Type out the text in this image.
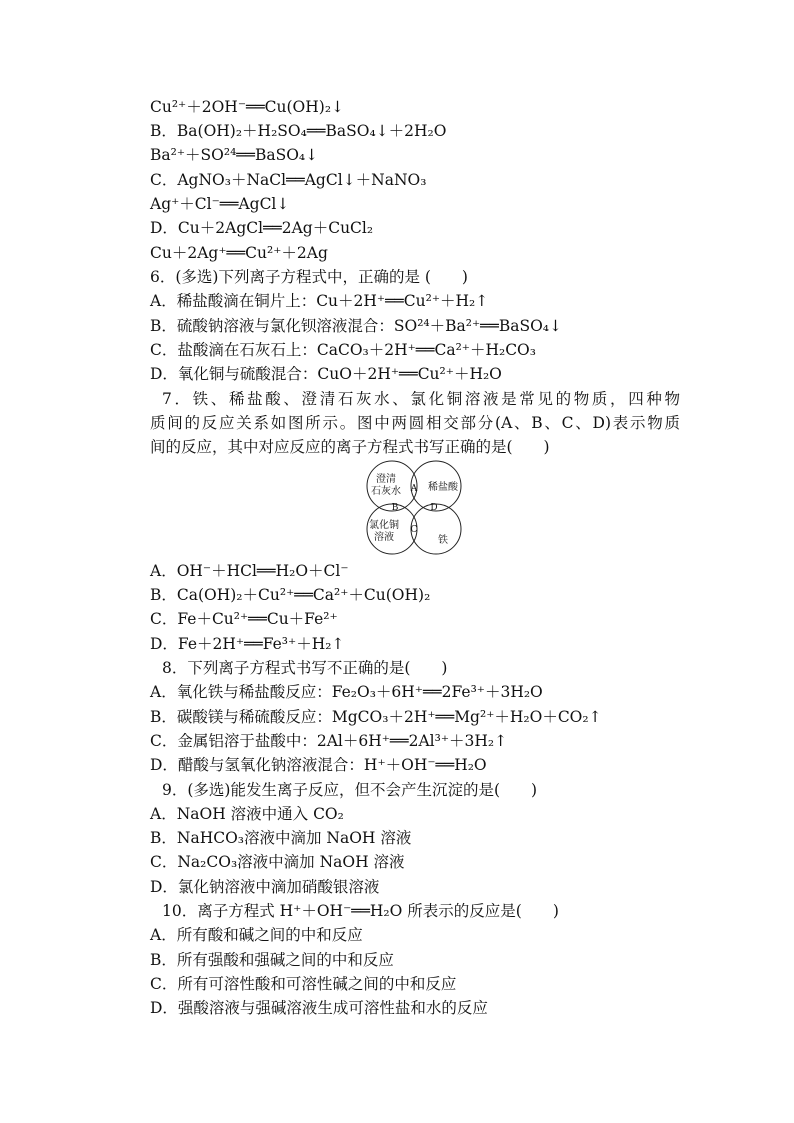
Cu²⁺＋2OH⁻══Cu(OH)₂↓
B．Ba(OH)₂＋H₂SO₄══BaSO₄↓＋2H₂O
Ba²⁺＋SO²⁴══BaSO₄↓
C．AgNO₃＋NaCl══AgCl↓＋NaNO₃
Ag⁺＋Cl⁻══AgCl↓
D．Cu＋2AgCl══2Ag＋CuCl₂
Cu＋2Ag⁺══Cu²⁺＋2Ag
6．(多选)下列离子方程式中，正确的是 (　　)
A．稀盐酸滴在铜片上：Cu＋2H⁺══Cu²⁺＋H₂↑
B．硫酸钠溶液与氯化钡溶液混合：SO²⁴＋Ba²⁺══BaSO₄↓
C．盐酸滴在石灰石上：CaCO₃＋2H⁺══Ca²⁺＋H₂CO₃
D．氧化铜与硫酸混合：CuO＋2H⁺══Cu²⁺＋H₂O
7．铁、稀盐酸、澄清石灰水、氯化铜溶液是常见的物质，四种物
质间的反应关系如图所示。图中两圆相交部分(A、B、C、D)表示物质
间的反应，其中对应反应的离子方程式书写正确的是(　　)
澄清
石灰水	稀盐酸
氯化铜
溶液	铁
A
B	D
C
A．OH⁻＋HCl══H₂O＋Cl⁻
B．Ca(OH)₂＋Cu²⁺══Ca²⁺＋Cu(OH)₂
C．Fe＋Cu²⁺══Cu＋Fe²⁺
D．Fe＋2H⁺══Fe³⁺＋H₂↑
8．下列离子方程式书写不正确的是(　　)
A．氧化铁与稀盐酸反应：Fe₂O₃＋6H⁺══2Fe³⁺＋3H₂O
B．碳酸镁与稀硫酸反应：MgCO₃＋2H⁺══Mg²⁺＋H₂O＋CO₂↑
C．金属铝溶于盐酸中：2Al＋6H⁺══2Al³⁺＋3H₂↑
D．醋酸与氢氧化钠溶液混合：H⁺＋OH⁻══H₂O
9．(多选)能发生离子反应，但不会产生沉淀的是(　　)
A．NaOH 溶液中通入 CO₂
B．NaHCO₃溶液中滴加 NaOH 溶液
C．Na₂CO₃溶液中滴加 NaOH 溶液
D．氯化钠溶液中滴加硝酸银溶液
10．离子方程式 H⁺＋OH⁻══H₂O 所表示的反应是(　　)
A．所有酸和碱之间的中和反应
B．所有强酸和强碱之间的中和反应
C．所有可溶性酸和可溶性碱之间的中和反应
D．强酸溶液与强碱溶液生成可溶性盐和水的反应
